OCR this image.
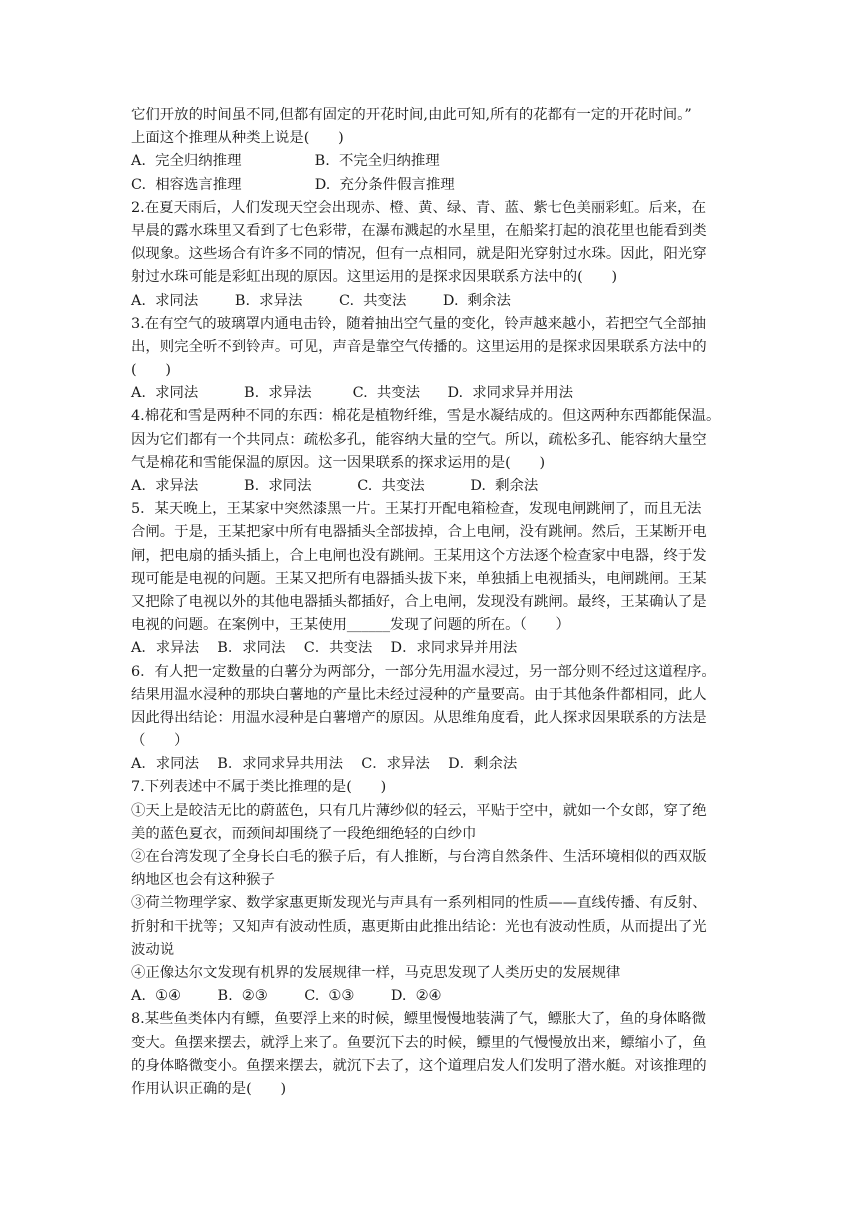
它们开放的时间虽不同,但都有固定的开花时间,由此可知,所有的花都有一定的开花时间。”
上面这个推理从种类上说是(　　)
A.  完全归纳推理                B.  不完全归纳推理
C.  相容选言推理                D.  充分条件假言推理
2.在夏天雨后，人们发现天空会出现赤、橙、黄、绿、青、蓝、紫七色美丽彩虹。后来，在
早晨的露水珠里又看到了七色彩带，在瀑布溅起的水星里，在船桨打起的浪花里也能看到类
似现象。这些场合有许多不同的情况，但有一点相同，就是阳光穿射过水珠。因此，阳光穿
射过水珠可能是彩虹出现的原因。这里运用的是探求因果联系方法中的(　　)
A.  求同法        B.  求异法        C.  共变法        D.  剩余法
3.在有空气的玻璃罩内通电击铃，随着抽出空气量的变化，铃声越来越小，若把空气全部抽
出，则完全听不到铃声。可见，声音是靠空气传播的。这里运用的是探求因果联系方法中的
(　　)
A.  求同法          B.  求异法         C.  共变法      D.  求同求异并用法
4.棉花和雪是两种不同的东西：棉花是植物纤维，雪是水凝结成的。但这两种东西都能保温。
因为它们都有一个共同点：疏松多孔，能容纳大量的空气。所以，疏松多孔、能容纳大量空
气是棉花和雪能保温的原因。这一因果联系的探求运用的是(　　)
A.  求异法          B.  求同法          C.  共变法          D.  剩余法
5．某天晚上，王某家中突然漆黑一片。王某打开配电箱检查，发现电闸跳闸了，而且无法
合闸。于是，王某把家中所有电器插头全部拔掉，合上电闸，没有跳闸。然后，王某断开电
闸，把电扇的插头插上，合上电闸也没有跳闸。王某用这个方法逐个检查家中电器，终于发
现可能是电视的问题。王某又把所有电器插头拔下来，单独插上电视插头，电闸跳闸。王某
又把除了电视以外的其他电器插头都插好，合上电闸，发现没有跳闸。最终，王某确认了是
电视的问题。在案例中，王某使用______发现了问题的所在。（　　）
A．求异法    B．求同法    C．共变法    D．求同求异并用法
6．有人把一定数量的白薯分为两部分，一部分先用温水浸过，另一部分则不经过这道程序。
结果用温水浸种的那块白薯地的产量比未经过浸种的产量要高。由于其他条件都相同，此人
因此得出结论：用温水浸种是白薯增产的原因。从思维角度看，此人探求因果联系的方法是
（　　）
A．求同法    B．求同求异共用法    C．求异法    D．剩余法
7.下列表述中不属于类比推理的是(　　)
①天上是皎洁无比的蔚蓝色，只有几片薄纱似的轻云，平贴于空中，就如一个女郎，穿了绝
美的蓝色夏衣，而颈间却围绕了一段绝细绝轻的白纱巾
②在台湾发现了全身长白毛的猴子后，有人推断，与台湾自然条件、生活环境相似的西双版
纳地区也会有这种猴子
③荷兰物理学家、数学家惠更斯发现光与声具有一系列相同的性质——直线传播、有反射、
折射和干扰等；又知声有波动性质，惠更斯由此推出结论：光也有波动性质，从而提出了光
波动说
④正像达尔文发现有机界的发展规律一样，马克思发现了人类历史的发展规律
A.  ①④        B.  ②③        C.  ①③        D.  ②④
8.某些鱼类体内有鳔，鱼要浮上来的时候，鳔里慢慢地装满了气，鳔胀大了，鱼的身体略微
变大。鱼摆来摆去，就浮上来了。鱼要沉下去的时候，鳔里的气慢慢放出来，鳔缩小了，鱼
的身体略微变小。鱼摆来摆去，就沉下去了，这个道理启发人们发明了潜水艇。对该推理的
作用认识正确的是(　　)
